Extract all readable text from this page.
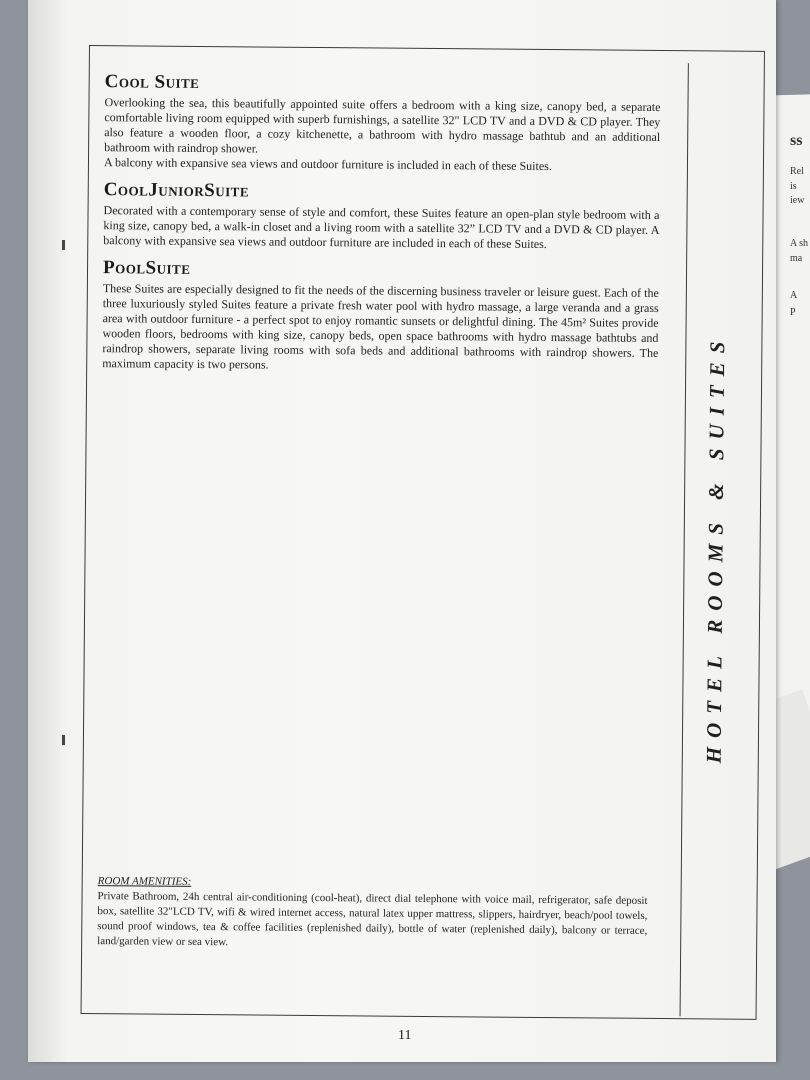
ss
Rel
is
iew
A sh
ma
A
P
Cool Suite

Overlooking the sea, this beautifully appointed suite offers a bedroom with a king size, canopy bed, a separate comfortable living room equipped with superb furnishings, a satellite 32" LCD TV and a DVD & CD player. They also feature a wooden floor, a cozy kitchenette, a bathroom with hydro massage bathtub and an additional bathroom with raindrop shower.

A balcony with expansive sea views and outdoor furniture is included in each of these Suites.

CoolJuniorSuite

Decorated with a contemporary sense of style and comfort, these Suites feature an open-plan style bedroom with a king size, canopy bed, a walk-in closet and a living room with a satellite 32” LCD TV and a DVD & CD player. A balcony with expansive sea views and outdoor furniture are included in each of these Suites.

PoolSuite

These Suites are especially designed to fit the needs of the discerning business traveler or leisure guest. Each of the three luxuriously styled Suites feature a private fresh water pool with hydro massage, a large veranda and a grass area with outdoor furniture - a perfect spot to enjoy romantic sunsets or delightful dining. The 45m² Suites provide wooden floors, bedrooms with king size, canopy beds, open space bathrooms with hydro massage bathtubs and raindrop showers, separate living rooms with sofa beds and additional bathrooms with raindrop showers. The maximum capacity is two persons.

ROOM AMENITIES:
Private Bathroom, 24h central air-conditioning (cool-heat), direct dial telephone with voice mail, refrigerator, safe deposit box, satellite 32"LCD TV, wifi & wired internet access, natural latex upper mattress, slippers, hairdryer, beach/pool towels, sound proof windows, tea & coffee facilities (replenished daily), bottle of water (replenished daily), balcony or terrace, land/garden view or sea view.
HOTEL ROOMS & SUITES
11
